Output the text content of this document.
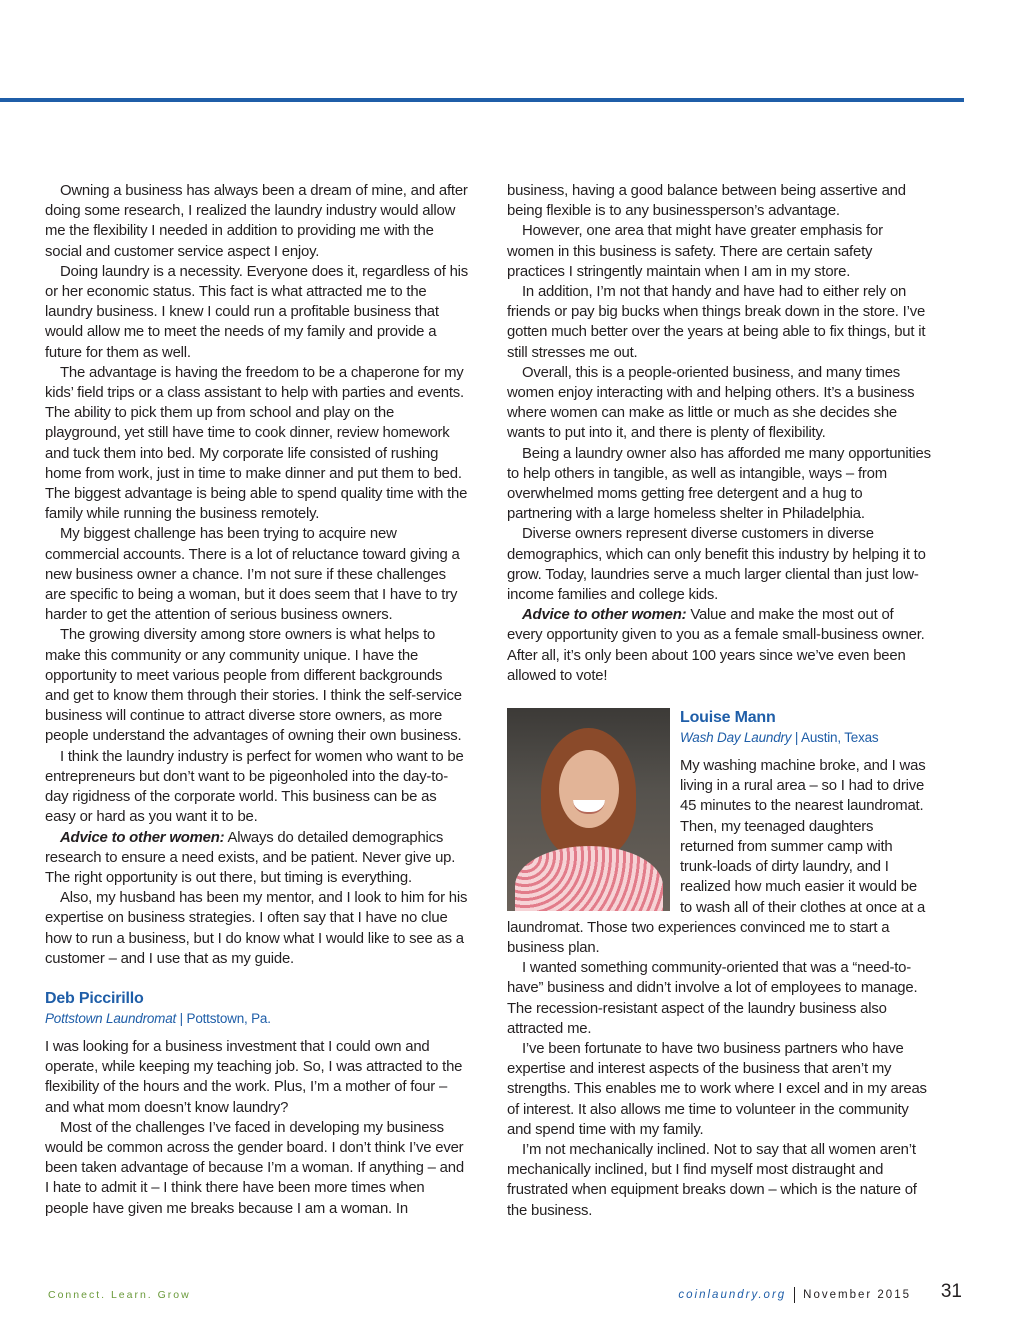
Owning a business has always been a dream of mine, and after doing some research, I realized the laundry industry would allow me the flexibility I needed in addition to providing me with the social and customer service aspect I enjoy.

Doing laundry is a necessity. Everyone does it, regardless of his or her economic status. This fact is what attracted me to the laundry business. I knew I could run a profitable business that would allow me to meet the needs of my family and provide a future for them as well.

The advantage is having the freedom to be a chaperone for my kids’ field trips or a class assistant to help with parties and events. The ability to pick them up from school and play on the playground, yet still have time to cook dinner, review homework and tuck them into bed. My corporate life consisted of rushing home from work, just in time to make dinner and put them to bed. The biggest advantage is being able to spend quality time with the family while running the business remotely.

My biggest challenge has been trying to acquire new commercial accounts. There is a lot of reluctance toward giving a new business owner a chance. I’m not sure if these challenges are specific to being a woman, but it does seem that I have to try harder to get the attention of serious business owners.

The growing diversity among store owners is what helps to make this community or any community unique. I have the opportunity to meet various people from different backgrounds and get to know them through their stories. I think the self-service business will continue to attract diverse store owners, as more people understand the advantages of owning their own business.

I think the laundry industry is perfect for women who want to be entrepreneurs but don’t want to be pigeonholed into the day-to-day rigidness of the corporate world. This business can be as easy or hard as you want it to be.

Advice to other women: Always do detailed demographics research to ensure a need exists, and be patient. Never give up. The right opportunity is out there, but timing is everything.

Also, my husband has been my mentor, and I look to him for his expertise on business strategies. I often say that I have no clue how to run a business, but I do know what I would like to see as a customer – and I use that as my guide.

Deb Piccirillo
Pottstown Laundromat | Pottstown, Pa.

I was looking for a business investment that I could own and operate, while keeping my teaching job. So, I was attracted to the flexibility of the hours and the work. Plus, I’m a mother of four – and what mom doesn’t know laundry?

Most of the challenges I’ve faced in developing my business would be common across the gender board. I don’t think I’ve ever been taken advantage of because I’m a woman. If anything – and I hate to admit it – I think there have been more times when people have given me breaks because I am a woman. In

business, having a good balance between being assertive and being flexible is to any businessperson’s advantage.

However, one area that might have greater emphasis for women in this business is safety. There are certain safety practices I stringently maintain when I am in my store.

In addition, I’m not that handy and have had to either rely on friends or pay big bucks when things break down in the store. I’ve gotten much better over the years at being able to fix things, but it still stresses me out.

Overall, this is a people-oriented business, and many times women enjoy interacting with and helping others. It’s a business where women can make as little or much as she decides she wants to put into it, and there is plenty of flexibility.

Being a laundry owner also has afforded me many opportunities to help others in tangible, as well as intangible, ways – from overwhelmed moms getting free detergent and a hug to partnering with a large homeless shelter in Philadelphia.

Diverse owners represent diverse customers in diverse demographics, which can only benefit this industry by helping it to grow. Today, laundries serve a much larger cliental than just low-income families and college kids.

Advice to other women: Value and make the most out of every opportunity given to you as a female small-business owner. After all, it’s only been about 100 years since we’ve even been allowed to vote!

Louise Mann
Wash Day Laundry | Austin, Texas

My washing machine broke, and I was living in a rural area – so I had to drive 45 minutes to the nearest laundromat. Then, my teenaged daughters returned from summer camp with trunk-loads of dirty laundry, and I realized how much easier it would be to wash all of their clothes at once at a laundromat. Those two experiences convinced me to start a business plan.

I wanted something community-oriented that was a “need-to-have” business and didn’t involve a lot of employees to manage. The recession-resistant aspect of the laundry business also attracted me.

I’ve been fortunate to have two business partners who have expertise and interest aspects of the business that aren’t my strengths. This enables me to work where I excel and in my areas of interest. It also allows me time to volunteer in the community and spend time with my family.

I’m not mechanically inclined. Not to say that all women aren’t mechanically inclined, but I find myself most distraught and frustrated when equipment breaks down – which is the nature of the business.

Connect. Learn. Grow	coinlaundry.org November 2015 31
